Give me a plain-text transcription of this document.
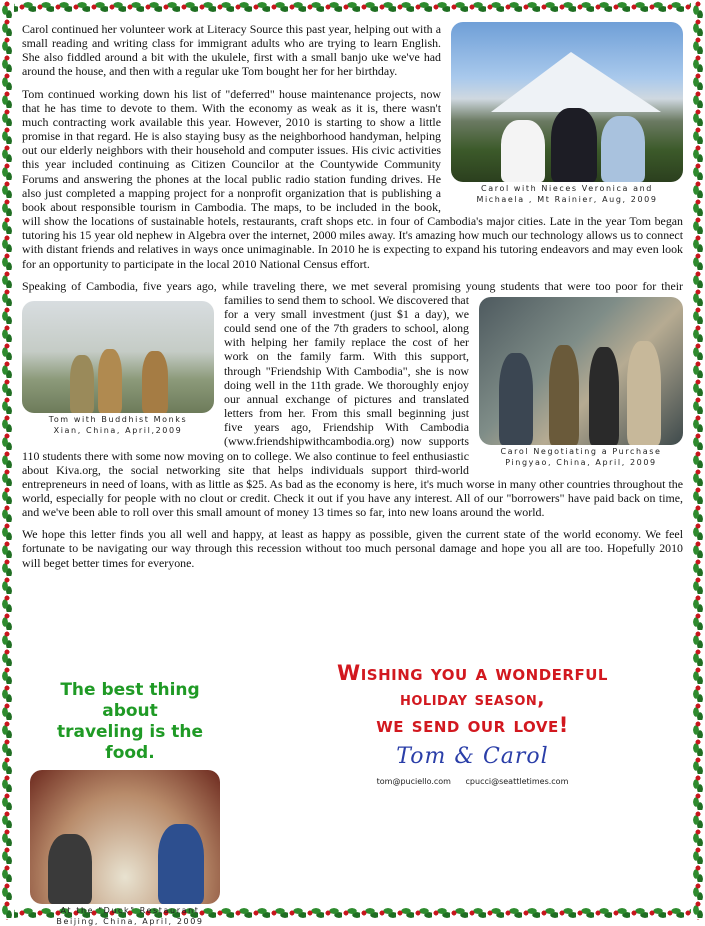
Carol with Nieces Veronica and
Michaela , Mt Rainier, Aug, 2009

Carol continued her volunteer work at Literacy Source this past year, helping out with a small reading and writing class for immigrant adults who are trying to learn English. She also fiddled around a bit with the ukulele, first with a small banjo uke we've had around the house, and then with a regular uke Tom bought her for her birthday.

Tom with Buddhist Monks
Xian, China, April,2009

Tom continued working down his list of "deferred" house maintenance projects, now that he has time to devote to them. With the economy as weak as it is, there wasn't much contracting work available this year. However, 2010 is starting to show a little promise in that regard. He is also staying busy as the neighborhood handyman, helping out our elderly neighbors with their household and computer issues. His civic activities this year included continuing as Citizen Councilor at the Countywide Community Forums and answering the phones at the local public radio station funding drives. He also just completed a mapping project for a nonprofit organization that is publishing a book about responsible tourism in Cambodia. The maps, to be included in the book, will show the locations of sustainable hotels, restaurants, craft shops etc. in four of Cambodia's major cities. Late in the year Tom began tutoring his 15 year old nephew in Algebra over the internet, 2000 miles away. It's amazing how much our technology allows us to connect with distant friends and relatives in ways once unimaginable. In 2010 he is expecting to expand his tutoring endeavors and may even look for an opportunity to participate in the local 2010 National Census effort.

Carol Negotiating a Purchase
Pingyao, China, April, 2009

Speaking of Cambodia, five years ago, while traveling there, we met several promising young students that were too poor for their families to send them to school. We discovered that for a very small investment (just $1 a day), we could send one of the 7th graders to school, along with helping her family replace the cost of her work on the family farm. With this support, through "Friendship With Cambodia", she is now doing well in the 11th grade. We thoroughly enjoy our annual exchange of pictures and translated letters from her. From this small beginning just five years ago, Friendship With Cambodia (www.friendshipwithcambodia.org) now supports 110 students there with some now moving on to college. We also continue to feel enthusiastic about Kiva.org, the social networking site that helps individuals support third-world entrepreneurs in need of loans, with as little as $25. As bad as the economy is here, it's much worse in many other countries throughout the world, especially for people with no clout or credit. Check it out if you have any interest. All of our "borrowers" have paid back on time, and we've been able to roll over this small amount of money 13 times so far, into new loans around the world.

We hope this letter finds you all well and happy, at least as happy as possible, given the current state of the world economy. We feel fortunate to be navigating our way through this recession without too much personal damage and hope you all are too. Hopefully 2010 will beget better times for everyone.

The best thing about

traveling is the food.

At the "Duck" Restaurant
Beijing, China, April, 2009

Wishing you a wonderful

holiday season,

we send our love!

Tom & Carol
tom@puciello.com cpucci@seattletimes.com
